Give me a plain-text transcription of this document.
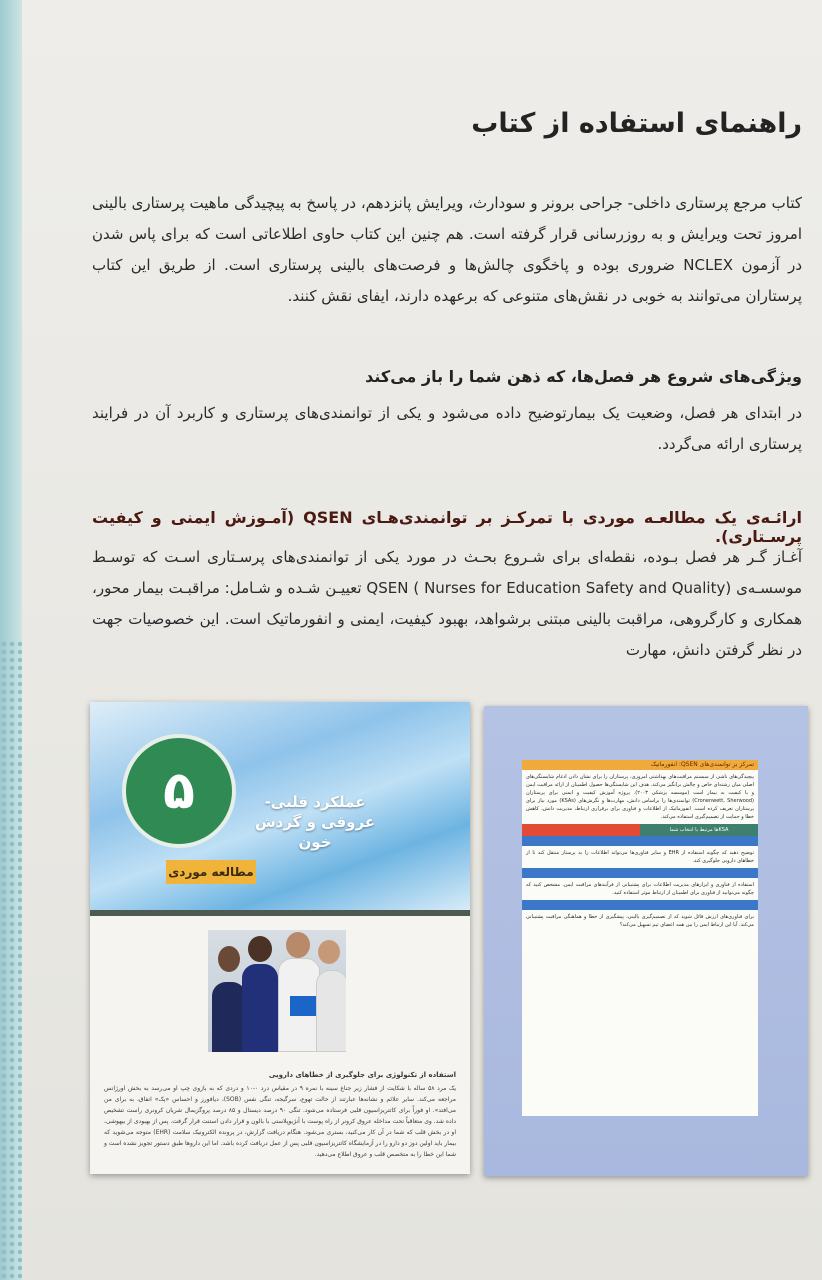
راهنمای استفاده از کتاب
کتاب مرجع پرستاری داخلی- جراحی برونر و سودارث، ویرایش پانزدهم، در پاسخ به پیچیدگی ماهیت پرستاری بالینی امروز تحت ویرایش و به روزرسانی قرار گرفته است. هم چنین این کتاب حاوی اطلاعاتی است که برای پاس شدن در آزمون NCLEX ضروری بوده و پاخگوی چالش‌ها و فرصت‌های بالینی پرستاری است. از طریق این کتاب پرستاران می‌توانند به خوبی در نقش‌های متنوعی که برعهده دارند، ایفای نقش کنند.
ویژگی‌های شروع هر فصل‌ها، که ذهن شما را باز می‌کند
در ابتدای هر فصل، وضعیت یک بیمارتوضیح داده می‌شود و یکی از توانمندی‌های پرستاری و کاربرد آن در فرایند پرستاری ارائه می‌گردد.
ارائـه‌ی یک مطالعـه موردی با تمرکـز بر توانمندی‌هـای QSEN (آمـوزش ایمنی و کیفیت پرسـتاری).
آغـاز گـر هر فصل بـوده، نقطه‌ای برای شـروع بحـث در مورد یکی از توانمندی‌های پرسـتاری اسـت که توسـط موسسـه‌ی QSEN ( Nurses for Education Safety and Quality) تعییـن شـده و شـامل: مراقبـت بیمار محور، همکاری و کارگروهی، مراقبت بالینی مبتنی برشواهد، بهبود کیفیت، ایمنی و انفورماتیک است. این خصوصیات جهت در نظر گرفتن دانش، مهارت
۵	عملکرد قلبی- عروقی و گردش خون
مطالعه موردی
استفاده از تکنولوژی برای جلوگیری از خطاهای دارویی
یک مرد ۵۸ ساله با شکایت از فشار زیر جناغ سینه با نمره ۹ در مقیاس درد ۰-۱۰ و دردی که به بازوی چپ او می‌رسد به بخش اورژانس مراجعه می‌کند. سایر علائم و نشانه‌ها عبارتند از حالت تهوع، سرگیجه، تنگی نفس (SOB)، دیافورز و احساس «پک» اتفاق، به برای من می‌افتد». او فوراً برای کاتتریزاسیون قلبی فرستاده می‌شود. تنگی ۹۰ درصد دیستال و ۸۵ درصد پروگزیمال شریان کرونری راست تشخیص داده شد. وی متعاقباً تحت مداخله عروق کرونر از راه پوست با آنژیوپلاستی با بالون و قرار دادن استنت قرار گرفت. پس از بهبودی از بیهوشی، او در بخش قلب که شما در آن کار می‌کنید، بستری می‌شود. هنگام دریافت گزارش، در پرونده الکترونیک سلامت (EHR) متوجه می‌شوید که بیمار باید اولین دوز دو دارو را در آزمایشگاه کاتتریزاسیون قلبی پس از عمل دریافت کرده باشد. اما این داروها طبق دستور تجویز نشده است و شما این خطا را به متخصص قلب و عروق اطلاع می‌دهید.
تمرکز بر توانمندی‌های QSEN: انفورماتیک
پیچیدگی‌های ناشی از سیستم مراقبت‌های بهداشتی امروزی، پرستاران را برای نشان دادن ادغام شایستگی‌های اصلی میان رشته‌ای خاص و چالش برانگیز می‌کند. هدف این شایستگی‌ها حصول اطمینان از ارائه مراقبت ایمن و با کیفیت به بیمار است (موسسه پزشکی ۲۰۰۳). پروژه آموزش کیفیت و ایمنی برای پرستاران (Cronenwett, Sherwood) توانمندی‌ها را براساس دانش، مهارت‌ها و نگرش‌های (KSAs) مورد نیاز برای پرستاران تعریف کرده است. انفورماتیک از اطلاعات و فناوری برای برقراری ارتباط، مدیریت دانش، کاهش خطا و حمایت از تصمیم‌گیری استفاده می‌کند.
KSAها مرتبط با انتخاب شما
توضیح دهید که چگونه استفاده از EHR و سایر فناوری‌ها می‌تواند اطلاعات را به پرستار منتقل کند تا از خطاهای دارویی جلوگیری کند.
استفاده از فناوری و ابزارهای مدیریت اطلاعات برای پشتیبانی از فرآیندهای مراقبت ایمن. مشخص کنید که چگونه می‌توانید از فناوری برای اطمینان از ارتباط موثر استفاده کنید.
برای فناوری‌های ارزش قائل شوید که از تصمیم‌گیری بالینی، پیشگیری از خطا و هماهنگی مراقبت پشتیبانی می‌کند. آیا این ارتباط ایمن را بین همه اعضای تیم تسهیل می‌کند؟
